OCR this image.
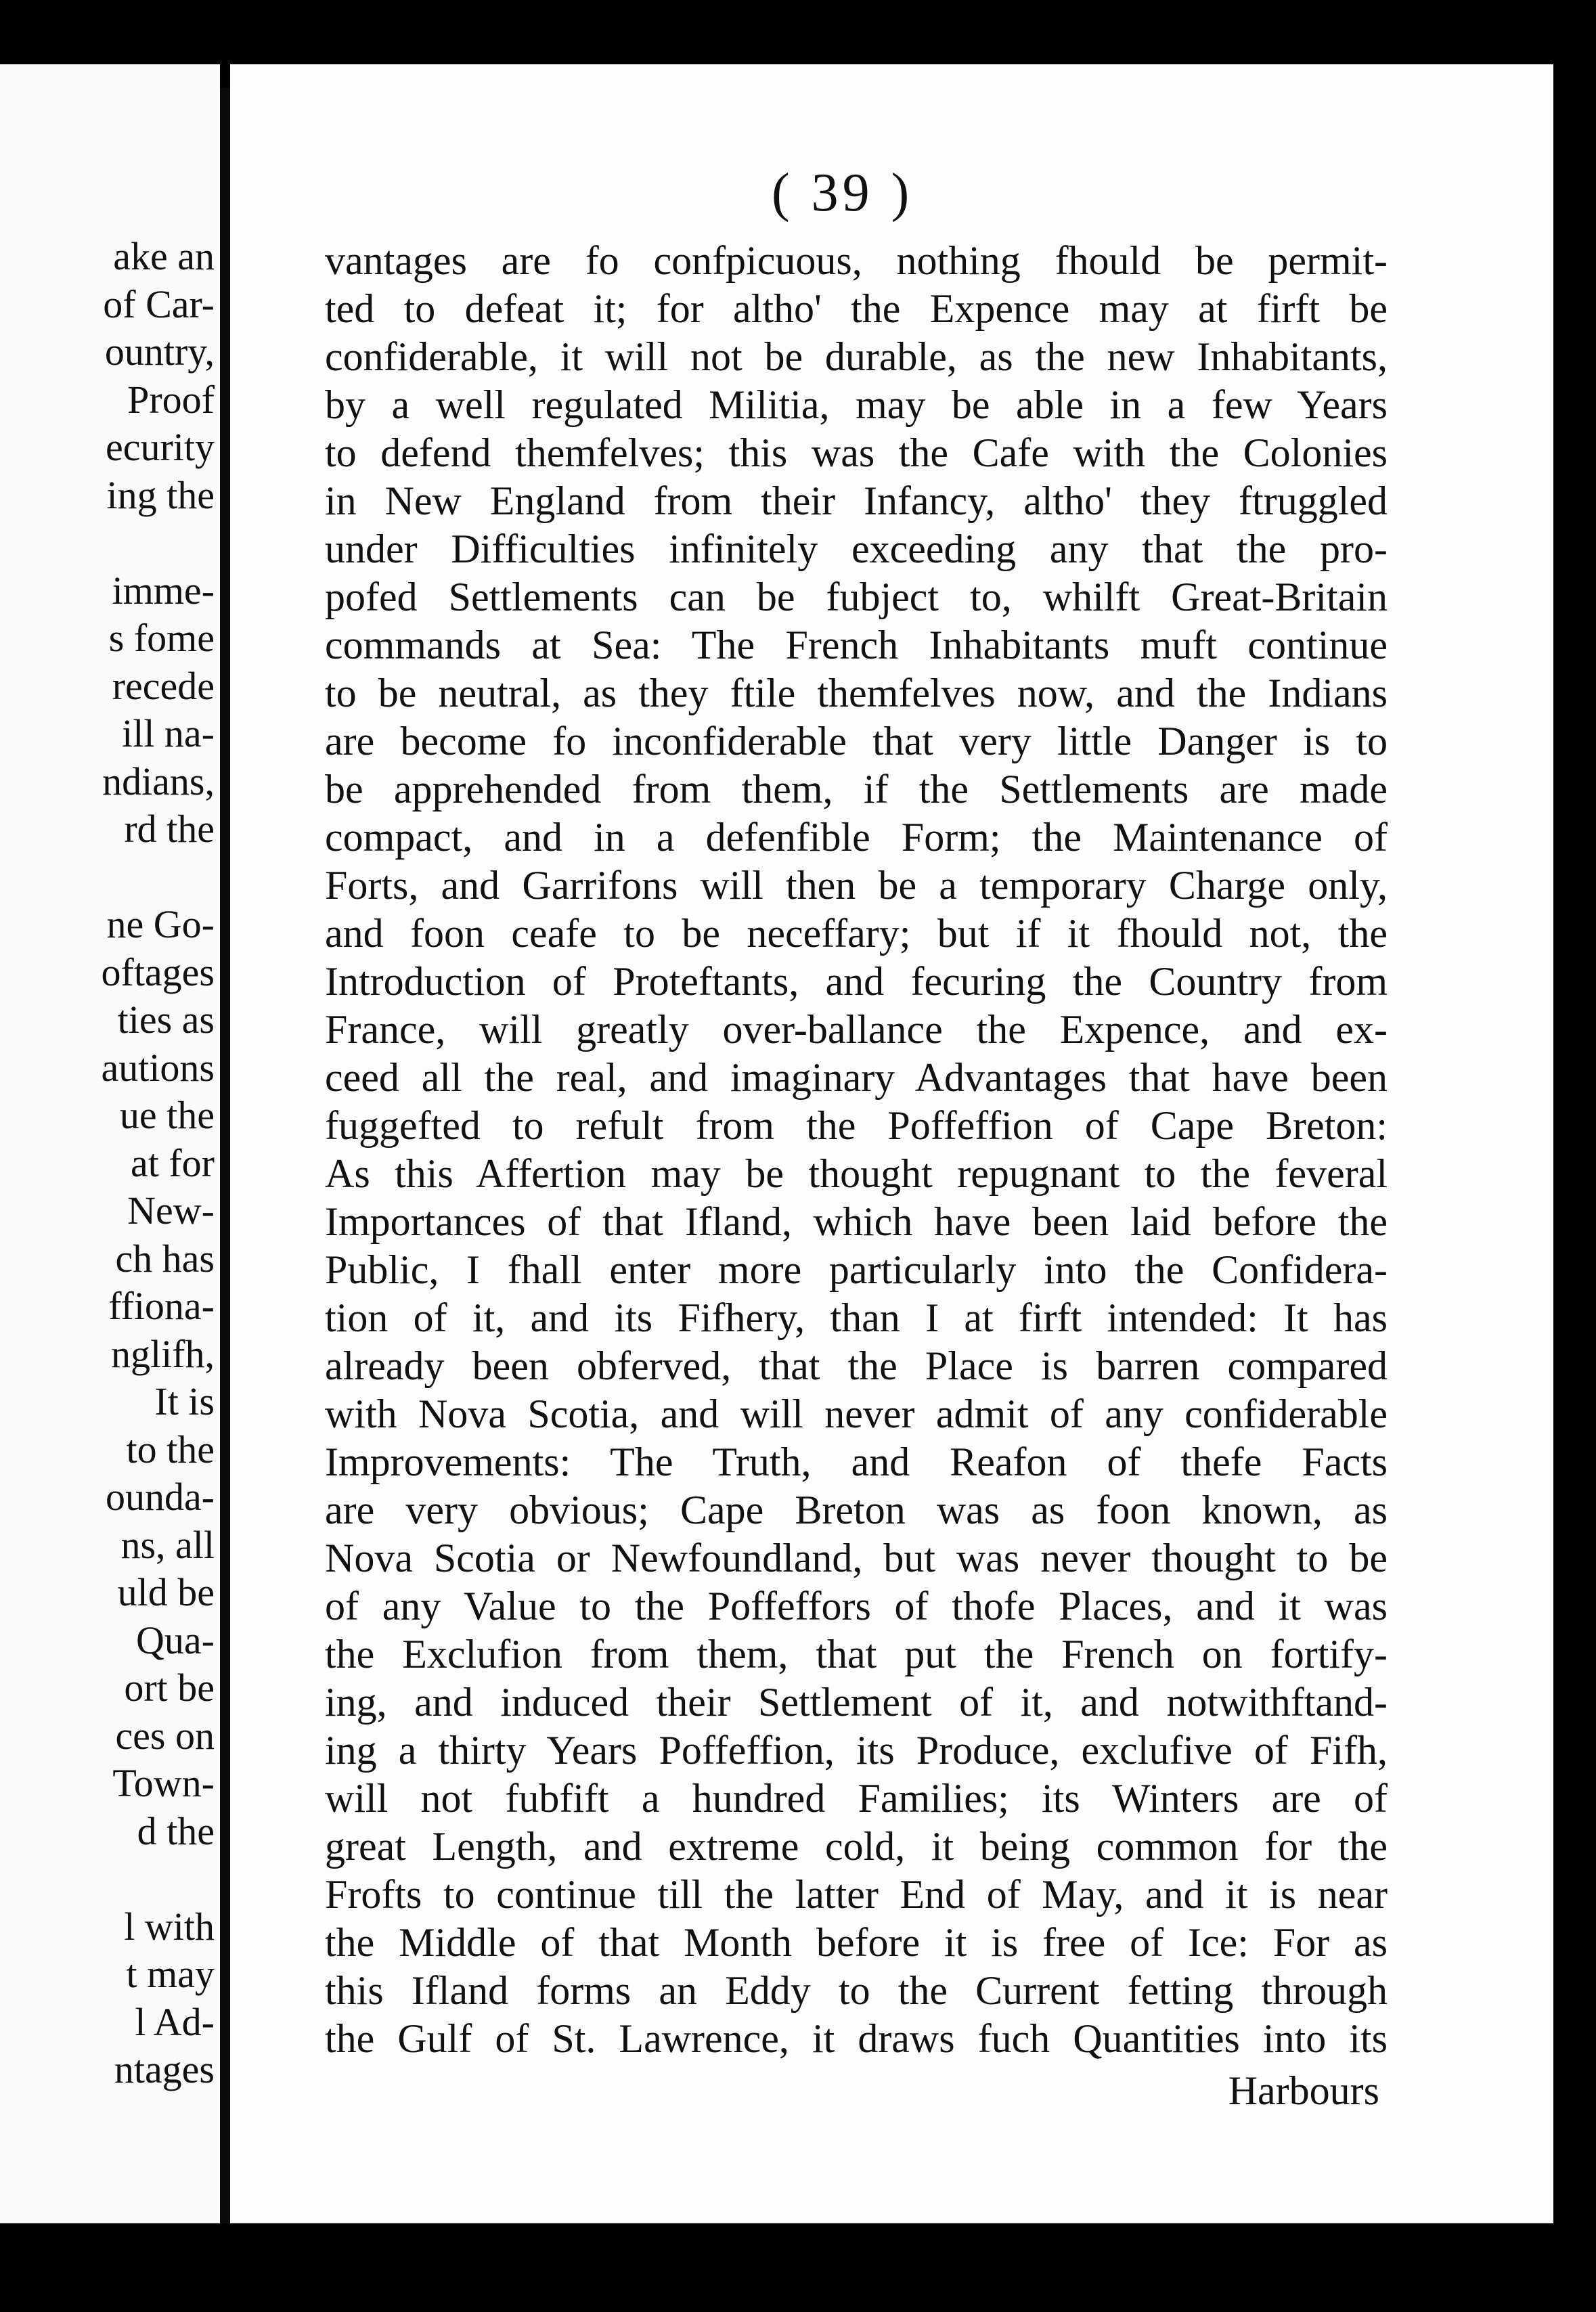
ake an
of Car-
ountry,
Proof
ecurity
ing the
imme-
s fome
recede
ill na-
ndians,
rd the
ne Go-
oftages
ties as
autions
ue the
at for
New-
ch has
ffiona-
nglifh,
It is
to the
ounda-
ns, all
uld be
Qua-
ort be
ces on
Town-
d the
l with
t may
l Ad-
ntages
( 39 )
vantages are fo confpicuous, nothing fhould be permit-
ted to defeat it; for altho' the Expence may at firft be
confiderable, it will not be durable, as the new Inhabitants,
by a well regulated Militia, may be able in a few Years
to defend themfelves; this was the Cafe with the Colonies
in New England from their Infancy, altho' they ftruggled
under Difficulties infinitely exceeding any that the pro-
pofed Settlements can be fubject to, whilft Great-Britain
commands at Sea: The French Inhabitants muft continue
to be neutral, as they ftile themfelves now, and the Indians
are become fo inconfiderable that very little Danger is to
be apprehended from them, if the Settlements are made
compact, and in a defenfible Form; the Maintenance of
Forts, and Garrifons will then be a temporary Charge only,
and foon ceafe to be neceffary; but if it fhould not, the
Introduction of Proteftants, and fecuring the Country from
France, will greatly over-ballance the Expence, and ex-
ceed all the real, and imaginary Advantages that have been
fuggefted to refult from the Poffeffion of Cape Breton:
As this Affertion may be thought repugnant to the feveral
Importances of that Ifland, which have been laid before the
Public, I fhall enter more particularly into the Confidera-
tion of it, and its Fifhery, than I at firft intended: It has
already been obferved, that the Place is barren compared
with Nova Scotia, and will never admit of any confiderable
Improvements: The Truth, and Reafon of thefe Facts
are very obvious; Cape Breton was as foon known, as
Nova Scotia or Newfoundland, but was never thought to be
of any Value to the Poffeffors of thofe Places, and it was
the Exclufion from them, that put the French on fortify-
ing, and induced their Settlement of it, and notwithftand-
ing a thirty Years Poffeffion, its Produce, exclufive of Fifh,
will not fubfift a hundred Families; its Winters are of
great Length, and extreme cold, it being common for the
Frofts to continue till the latter End of May, and it is near
the Middle of that Month before it is free of Ice: For as
this Ifland forms an Eddy to the Current fetting through
the Gulf of St. Lawrence, it draws fuch Quantities into its
Harbours
